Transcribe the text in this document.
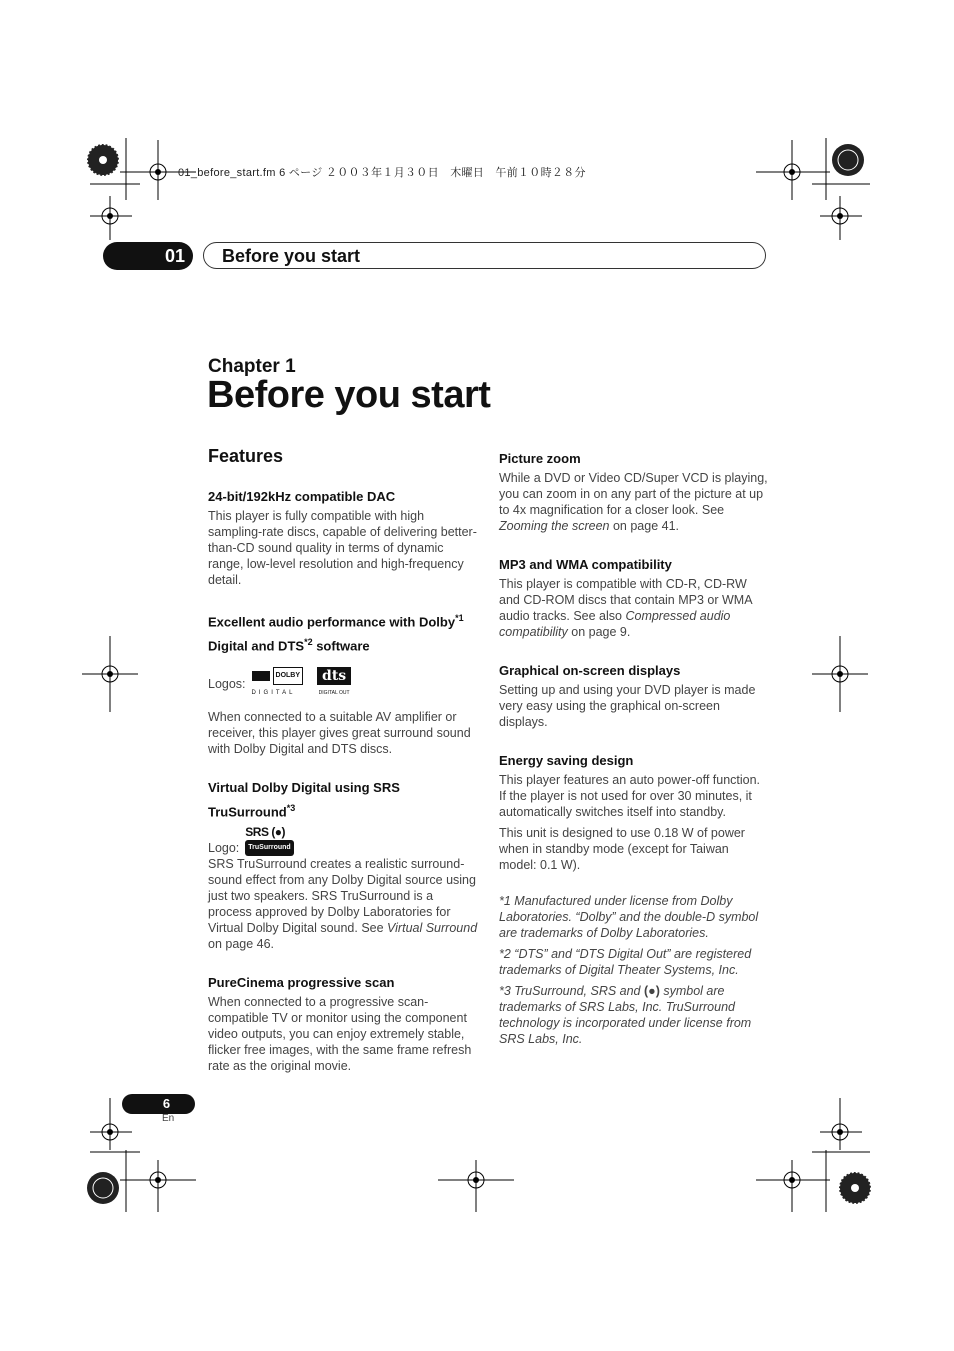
01_before_start.fm 6 ページ ２００３年１月３０日　木曜日　午前１０時２８分
01	Before you start
Chapter 1
Before you start
Features
24-bit/192kHz compatible DAC

This player is fully compatible with high sampling-rate discs, capable of delivering better-than-CD sound quality in terms of dynamic range, low-level resolution and high-frequency detail.

Excellent audio performance with Dolby$^{*1}$ Digital and DTS$^{*2}$ software
Logos:
DOLBY
DIGITAL
dts
DIGITAL OUT

When connected to a suitable AV amplifier or receiver, this player gives great surround sound with Dolby Digital and DTS discs.

Virtual Dolby Digital using SRS TruSurround$^{*3}$
Logo:
SRS (●)
TruSurround

SRS TruSurround creates a realistic surround-sound effect from any Dolby Digital source using just two speakers. SRS TruSurround is a process approved by Dolby Laboratories for Virtual Dolby Digital sound. See Virtual Surround on page 46.

PureCinema progressive scan

When connected to a progressive scan-compatible TV or monitor using the component video outputs, you can enjoy extremely stable, flicker free images, with the same frame refresh rate as the original movie.

Picture zoom

While a DVD or Video CD/Super VCD is playing, you can zoom in on any part of the picture at up to 4x magnification for a closer look. See Zooming the screen on page 41.

MP3 and WMA compatibility

This player is compatible with CD-R, CD-RW and CD-ROM discs that contain MP3 or WMA audio tracks. See also Compressed audio compatibility on page 9.

Graphical on-screen displays

Setting up and using your DVD player is made very easy using the graphical on-screen displays.

Energy saving design

This player features an auto power-off function. If the player is not used for over 30 minutes, it automatically switches itself into standby.

This unit is designed to use 0.18 W of power when in standby mode (except for Taiwan model: 0.1 W).

*1 Manufactured under license from Dolby Laboratories. “Dolby” and the double-D symbol are trademarks of Dolby Laboratories.

*2 “DTS” and “DTS Digital Out” are registered trademarks of Digital Theater Systems, Inc.

*3 TruSurround, SRS and (●) symbol are trademarks of SRS Labs, Inc. TruSurround technology is incorporated under license from SRS Labs, Inc.

6
En
